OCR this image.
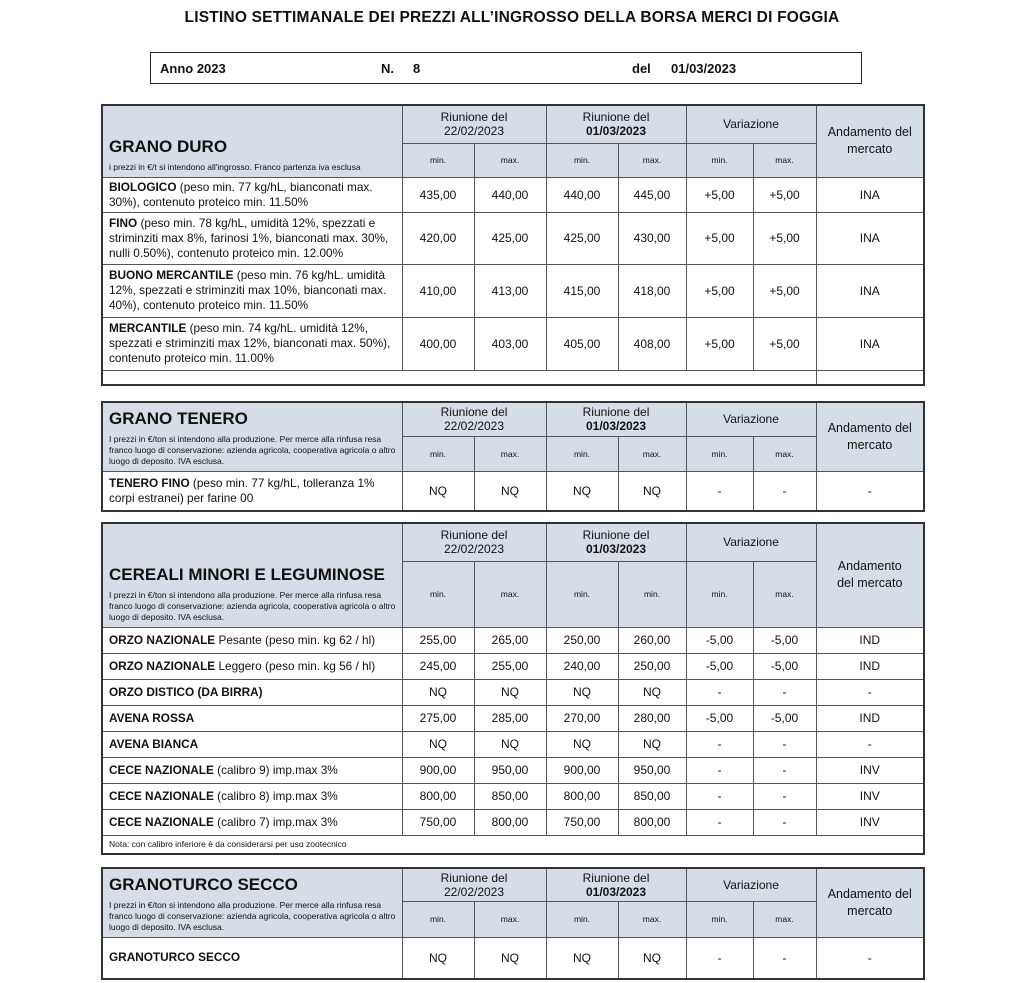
LISTINO SETTIMANALE DEI PREZZI ALL’INGROSSO DELLA BORSA MERCI DI FOGGIA
Anno 2023	N. 8	del 01/03/2023
GRANO DURO
i prezzi in €/t si intendono all'ingrosso. Franco partenza iva esclusa	Riunione del
22/02/2023		Riunione del
01/03/2023		Variazione		Andamento del mercato
	min.	max.	min.	max.	min.	max.	
BIOLOGICO (peso min. 77 kg/hL, bianconati max. 30%), contenuto proteico min. 11.50%	435,00	440,00	440,00	445,00	+5,00	+5,00	INA
FINO (peso min. 78 kg/hL, umidità 12%, spezzati e striminziti max 8%, farinosi 1%, bianconati max. 30%, nulli 0.50%), contenuto proteico min. 12.00%	420,00	425,00	425,00	430,00	+5,00	+5,00	INA
BUONO MERCANTILE (peso min. 76 kg/hL. umidità 12%, spezzati e striminziti max 10%, bianconati max. 40%), contenuto proteico min. 11.50%	410,00	413,00	415,00	418,00	+5,00	+5,00	INA
MERCANTILE (peso min. 74 kg/hL. umidità 12%, spezzati e striminziti max 12%, bianconati max. 50%), contenuto proteico min. 11.00%	400,00	403,00	405,00	408,00	+5,00	+5,00	INA

GRANO TENERO
I prezzi in €/ton si intendono alla produzione. Per merce alla rinfusa resa franco luogo di conservazione: azienda agricola, cooperativa agricola o altro luogo di deposito. IVA esclusa.	Riunione del
22/02/2023		Riunione del
01/03/2023		Variazione		Andamento del mercato
	min.	max.	min.	max.	min.	max.	
TENERO FINO (peso min. 77 kg/hL, tolleranza 1% corpi estranei) per farine 00	NQ	NQ	NQ	NQ	-	-	-
CEREALI MINORI E LEGUMINOSE
I prezzi in €/ton si intendono alla produzione. Per merce alla rinfusa resa franco luogo di conservazione: azienda agricola, cooperativa agricola o altro luogo di deposito. IVA esclusa.	Riunione del
22/02/2023		Riunione del
01/03/2023		Variazione		Andamento
del mercato
	min.	max.	min.	min.	min.	max.	
ORZO NAZIONALE Pesante (peso min. kg 62 / hl)	255,00	265,00	250,00	260,00	-5,00	-5,00	IND
ORZO NAZIONALE Leggero (peso min. kg 56 / hl)	245,00	255,00	240,00	250,00	-5,00	-5,00	IND
ORZO DISTICO (DA BIRRA)	NQ	NQ	NQ	NQ	-	-	-
AVENA ROSSA	275,00	285,00	270,00	280,00	-5,00	-5,00	IND
AVENA BIANCA	NQ	NQ	NQ	NQ	-	-	-
CECE NAZIONALE (calibro 9) imp.max 3%	900,00	950,00	900,00	950,00	-	-	INV
CECE NAZIONALE (calibro 8) imp.max 3%	800,00	850,00	800,00	850,00	-	-	INV
CECE NAZIONALE (calibro 7) imp.max 3%	750,00	800,00	750,00	800,00	-	-	INV
Nota: con calibro inferiore è da considerarsi per uso zootecnico							
GRANOTURCO SECCO
I prezzi in €/ton si intendono alla produzione. Per merce alla rinfusa resa franco luogo di conservazione: azienda agricola, cooperativa agricola o altro luogo di deposito. IVA esclusa.	Riunione del
22/02/2023		Riunione del
01/03/2023		Variazione		Andamento del mercato
	min.	max.	min.	max.	min.	max.	
GRANOTURCO SECCO	NQ	NQ	NQ	NQ	-	-	-
